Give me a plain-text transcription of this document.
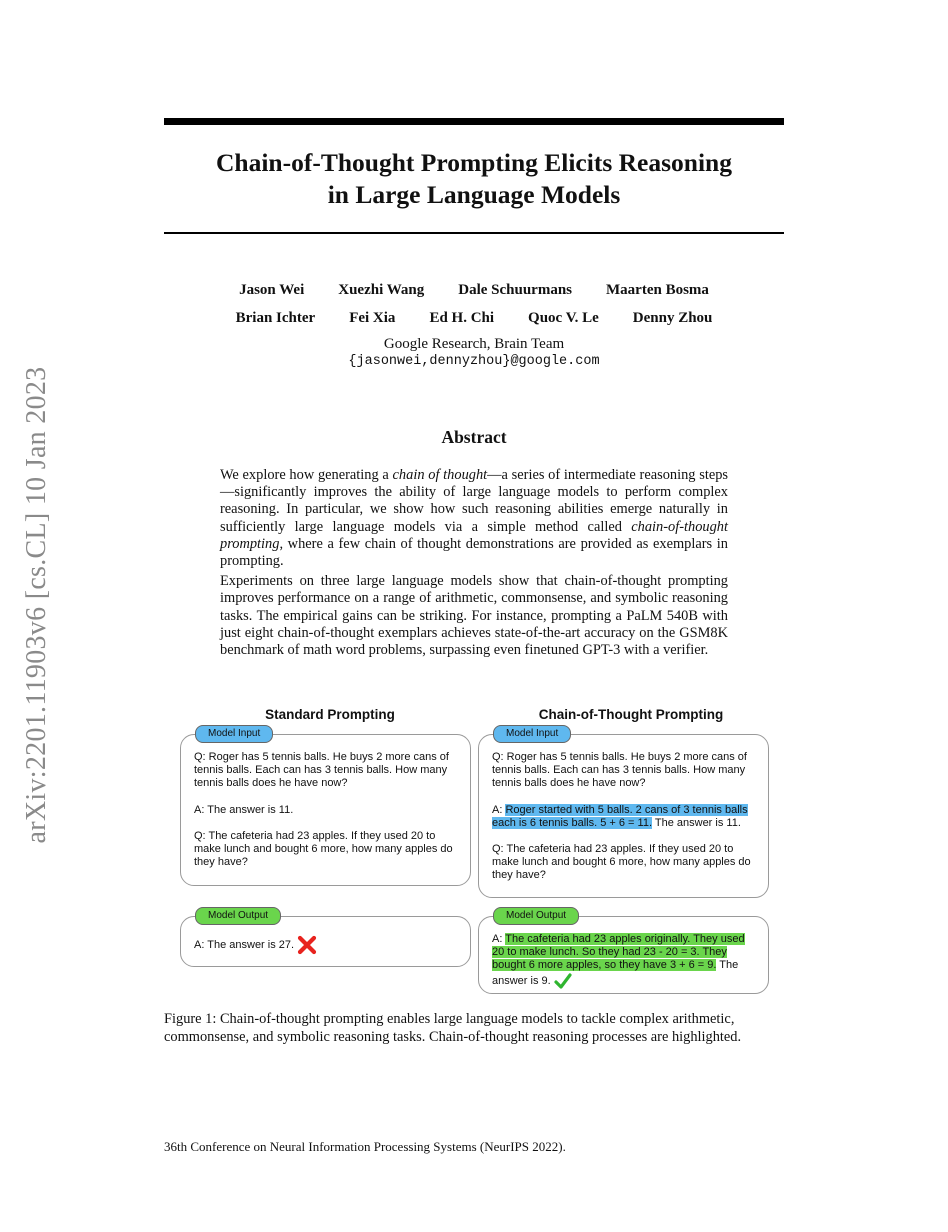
arXiv:2201.11903v6 [cs.CL] 10 Jan 2023
Chain-of-Thought Prompting Elicits Reasoning
in Large Language Models
Jason Wei Xuezhi Wang Dale Schuurmans Maarten Bosma
Brian Ichter Fei Xia Ed H. Chi Quoc V. Le Denny Zhou
Google Research, Brain Team
{jasonwei,dennyzhou}@google.com
Abstract

We explore how generating a chain of thought—a series of intermediate reasoning steps—significantly improves the ability of large language models to perform complex reasoning. In particular, we show how such reasoning abilities emerge naturally in sufficiently large language models via a simple method called chain-of-thought prompting, where a few chain of thought demonstrations are provided as exemplars in prompting.

Experiments on three large language models show that chain-of-thought prompting improves performance on a range of arithmetic, commonsense, and symbolic reasoning tasks. The empirical gains can be striking. For instance, prompting a PaLM 540B with just eight chain-of-thought exemplars achieves state-of-the-art accuracy on the GSM8K benchmark of math word problems, surpassing even finetuned GPT-3 with a verifier.

Standard Prompting	Chain-of-Thought Prompting
Model Input

Q: Roger has 5 tennis balls. He buys 2 more cans of tennis balls. Each can has 3 tennis balls. How many tennis balls does he have now?

A: The answer is 11.

Q: The cafeteria had 23 apples. If they used 20 to make lunch and bought 6 more, how many apples do they have?

Model Input

Q: Roger has 5 tennis balls. He buys 2 more cans of tennis balls. Each can has 3 tennis balls. How many tennis balls does he have now?

A: Roger started with 5 balls. 2 cans of 3 tennis balls each is 6 tennis balls. 5 + 6 = 11. The answer is 11.

Q: The cafeteria had 23 apples. If they used 20 to make lunch and bought 6 more, how many apples do they have?

Model Output
A: The answer is 27.
Model Output
A: The cafeteria had 23 apples originally. They used 20 to make lunch. So they had 23 - 20 = 3. They bought 6 more apples, so they have 3 + 6 = 9. The answer is 9.
Figure 1: Chain-of-thought prompting enables large language models to tackle complex arithmetic, commonsense, and symbolic reasoning tasks. Chain-of-thought reasoning processes are highlighted.
36th Conference on Neural Information Processing Systems (NeurIPS 2022).
